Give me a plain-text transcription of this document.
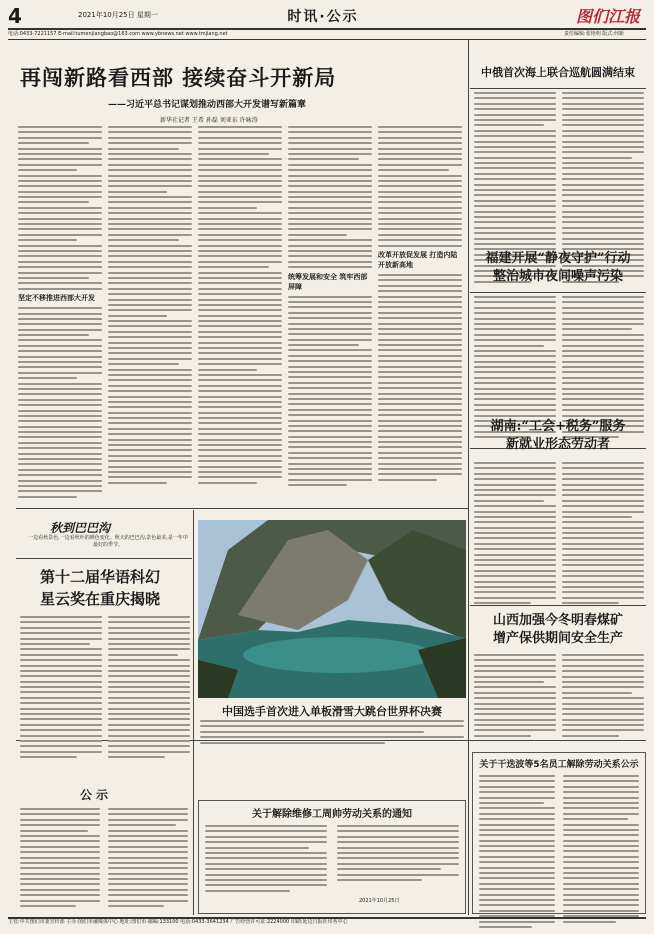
4	2021年10月25日 星期一	时讯·公示	图们江报
电话:0433-7221157 E-mail:tumenjiangbao@163.com www.ybnews.net www.tmjiang.net	责任编辑:张艳明 版式:何新
再闯新路看西部 接续奋斗开新局
——习近平总书记谋划推动西部大开发谱写新篇章
新华社记者 王希 孙磊 刘亚东 许咏涛
坚定不移推进西部大开发
统筹发展和安全 筑牢西部屏障
改革开放促发展 打造内陆开放新高地
中俄首次海上联合巡航圆满结束
福建开展“静夜守护”行动
整治城市夜间噪声污染
湖南:“工会+税务”服务
新就业形态劳动者
山西加强今冬明春煤矿
增产保供期间安全生产
秋到巴巴沟
一边看秋景色,一边看秋叶的颜色变化。秋天的巴巴沟,景色最美,是一年中最好的季节。
第十二届华语科幻
星云奖在重庆揭晓
中国选手首次进入单板滑雪大跳台世界杯决赛
公示
关于解除维修工周帅劳动关系的通知
2021年10月25日
关于干迭波等5名员工解除劳动关系公示
主管:中共图们市委宣传部 主办:图们市融媒体中心 地址:图们市·邮编:133100 电话:0433-3641234 广告经营许可证:2224000 印刷:延边日报社印务中心
